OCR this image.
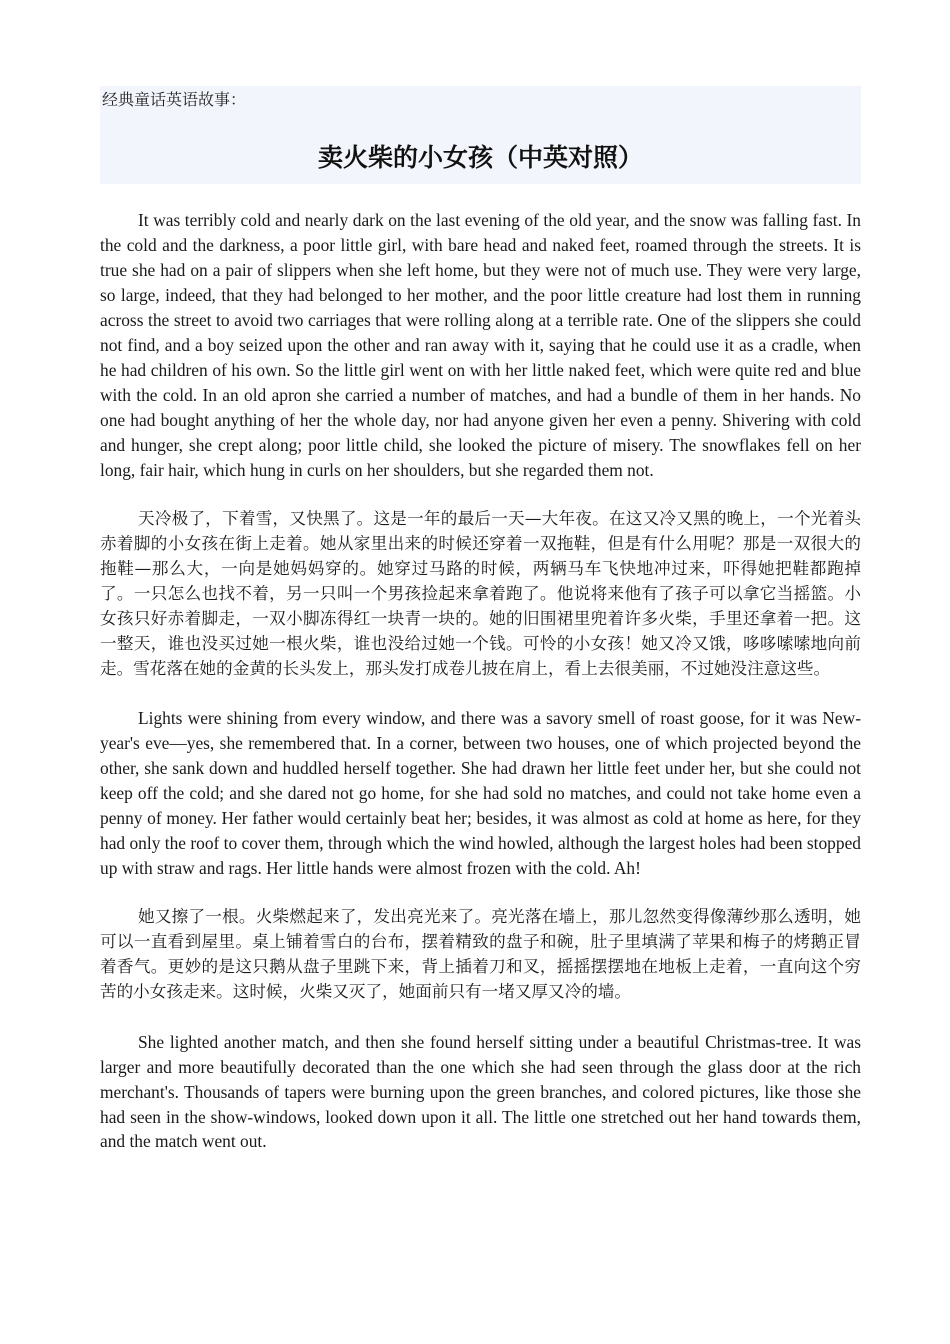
经典童话英语故事：
卖火柴的小女孩（中英对照）

It was terribly cold and nearly dark on the last evening of the old year, and the snow was falling fast. In the cold and the darkness, a poor little girl, with bare head and naked feet, roamed through the streets. It is true she had on a pair of slippers when she left home, but they were not of much use. They were very large, so large, indeed, that they had belonged to her mother, and the poor little creature had lost them in running across the street to avoid two carriages that were rolling along at a terrible rate. One of the slippers she could not find, and a boy seized upon the other and ran away with it, saying that he could use it as a cradle, when he had children of his own. So the little girl went on with her little naked feet, which were quite red and blue with the cold. In an old apron she carried a number of matches, and had a bundle of them in her hands. No one had bought anything of her the whole day, nor had anyone given her even a penny. Shivering with cold and hunger, she crept along; poor little child, she looked the picture of misery. The snowflakes fell on her long, fair hair, which hung in curls on her shoulders, but she regarded them not.

天冷极了，下着雪，又快黑了。这是一年的最后一天—大年夜。在这又冷又黑的晚上，一个光着头赤着脚的小女孩在街上走着。她从家里出来的时候还穿着一双拖鞋，但是有什么用呢？那是一双很大的拖鞋—那么大，一向是她妈妈穿的。她穿过马路的时候，两辆马车飞快地冲过来，吓得她把鞋都跑掉了。一只怎么也找不着，另一只叫一个男孩捡起来拿着跑了。他说将来他有了孩子可以拿它当摇篮。小女孩只好赤着脚走，一双小脚冻得红一块青一块的。她的旧围裙里兜着许多火柴，手里还拿着一把。这一整天，谁也没买过她一根火柴，谁也没给过她一个钱。可怜的小女孩！她又冷又饿，哆哆嗦嗦地向前走。雪花落在她的金黄的长头发上，那头发打成卷儿披在肩上，看上去很美丽，不过她没注意这些。

Lights were shining from every window, and there was a savory smell of roast goose, for it was New-year's eve—yes, she remembered that. In a corner, between two houses, one of which projected beyond the other, she sank down and huddled herself together. She had drawn her little feet under her, but she could not keep off the cold; and she dared not go home, for she had sold no matches, and could not take home even a penny of money. Her father would certainly beat her; besides, it was almost as cold at home as here, for they had only the roof to cover them, through which the wind howled, although the largest holes had been stopped up with straw and rags. Her little hands were almost frozen with the cold. Ah!

她又擦了一根。火柴燃起来了，发出亮光来了。亮光落在墙上，那儿忽然变得像薄纱那么透明，她可以一直看到屋里。桌上铺着雪白的台布，摆着精致的盘子和碗，肚子里填满了苹果和梅子的烤鹅正冒着香气。更妙的是这只鹅从盘子里跳下来，背上插着刀和叉，摇摇摆摆地在地板上走着，一直向这个穷苦的小女孩走来。这时候，火柴又灭了，她面前只有一堵又厚又冷的墙。

She lighted another match, and then she found herself sitting under a beautiful Christmas-tree. It was larger and more beautifully decorated than the one which she had seen through the glass door at the rich merchant's. Thousands of tapers were burning upon the green branches, and colored pictures, like those she had seen in the show-windows, looked down upon it all. The little one stretched out her hand towards them, and the match went out.
